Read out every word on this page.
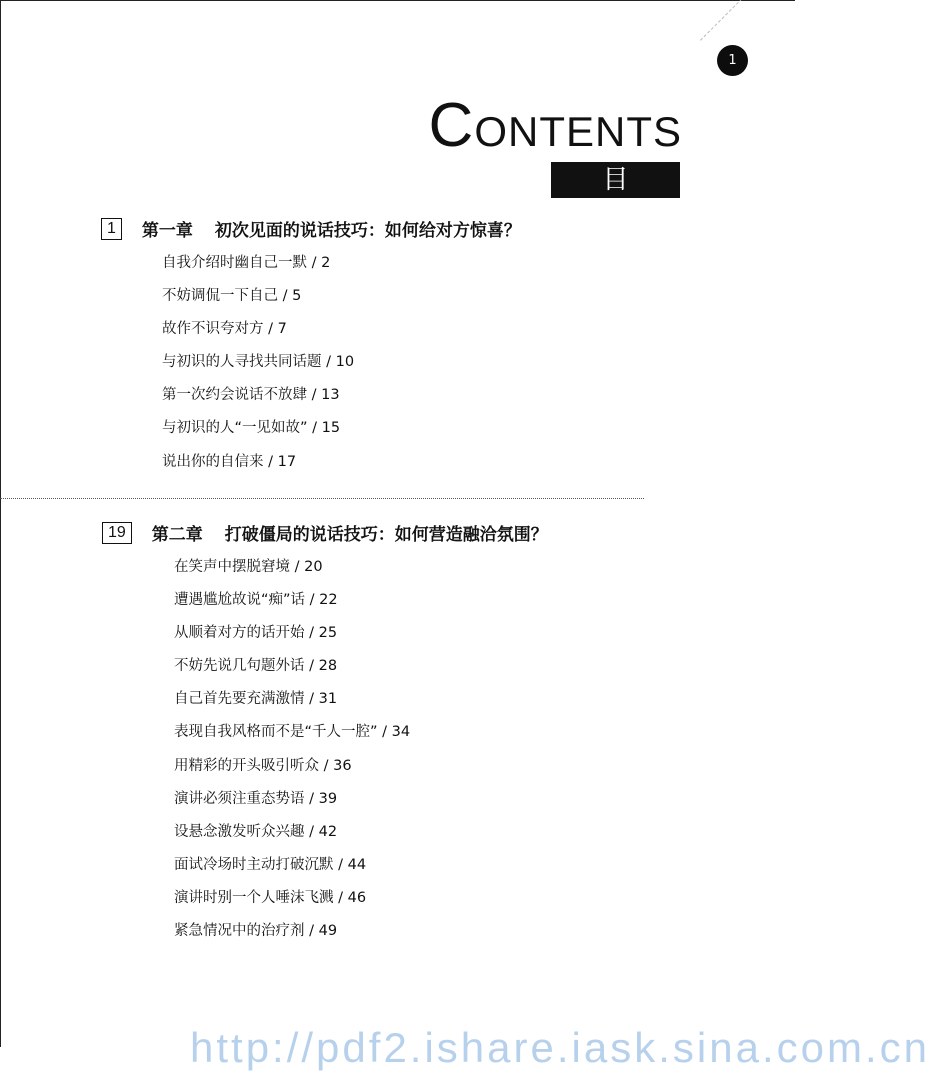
1
CONTENTS
目 录
1	第一章 初次见面的说话技巧：如何给对方惊喜？
自我介绍时幽自己一默 / 2
不妨调侃一下自己 / 5
故作不识夸对方 / 7
与初识的人寻找共同话题 / 10
第一次约会说话不放肆 / 13
与初识的人“一见如故” / 15
说出你的自信来 / 17
19	第二章 打破僵局的说话技巧：如何营造融洽氛围？
在笑声中摆脱窘境 / 20
遭遇尴尬故说“痴”话 / 22
从顺着对方的话开始 / 25
不妨先说几句题外话 / 28
自己首先要充满激情 / 31
表现自我风格而不是“千人一腔” / 34
用精彩的开头吸引听众 / 36
演讲必须注重态势语 / 39
设悬念激发听众兴趣 / 42
面试冷场时主动打破沉默 / 44
演讲时别一个人唾沫飞溅 / 46
紧急情况中的治疗剂 / 49
http://pdf2.ishare.iask.sina.com.cn
